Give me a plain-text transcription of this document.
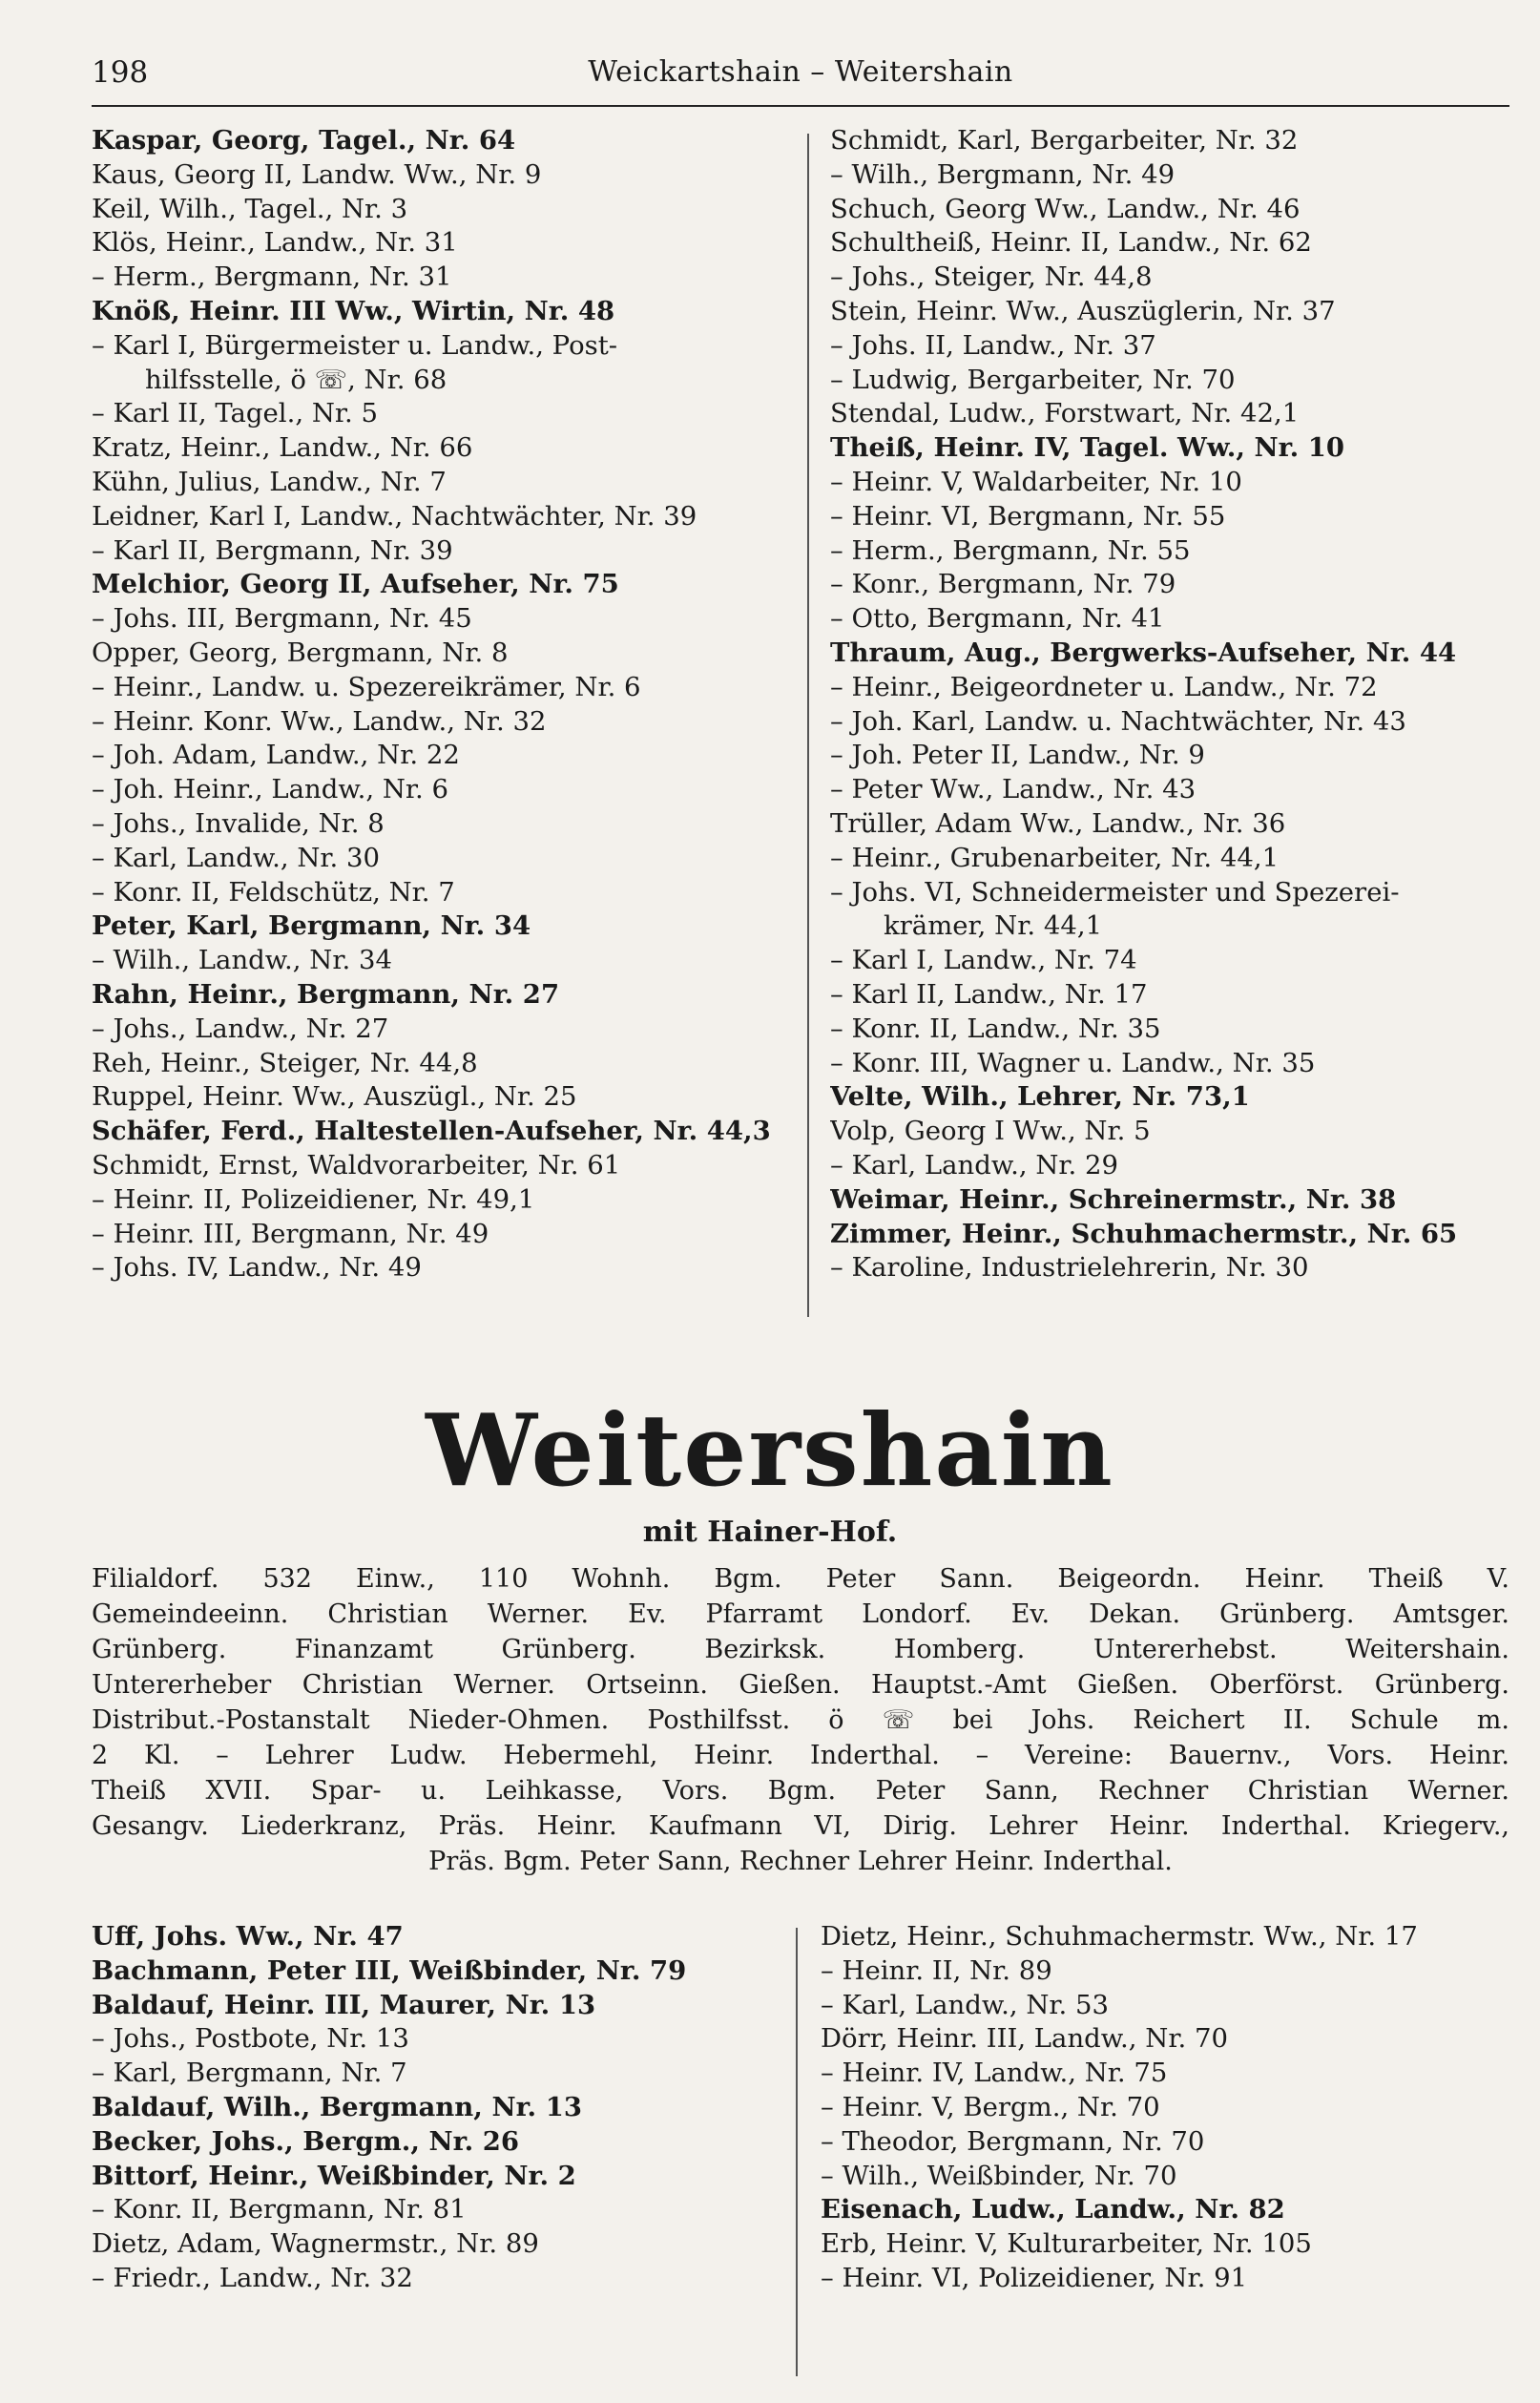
198	Weickartshain – Weitershain
Kaspar, Georg, Tagel., Nr. 64
Kaus, Georg II, Landw. Ww., Nr. 9
Keil, Wilh., Tagel., Nr. 3
Klös, Heinr., Landw., Nr. 31
– Herm., Bergmann, Nr. 31
Knöß, Heinr. III Ww., Wirtin, Nr. 48
– Karl I, Bürgermeister u. Landw., Post-
hilfsstelle, ö ☏, Nr. 68
– Karl II, Tagel., Nr. 5
Kratz, Heinr., Landw., Nr. 66
Kühn, Julius, Landw., Nr. 7
Leidner, Karl I, Landw., Nachtwächter, Nr. 39
– Karl II, Bergmann, Nr. 39
Melchior, Georg II, Aufseher, Nr. 75
– Johs. III, Bergmann, Nr. 45
Opper, Georg, Bergmann, Nr. 8
– Heinr., Landw. u. Spezereikrämer, Nr. 6
– Heinr. Konr. Ww., Landw., Nr. 32
– Joh. Adam, Landw., Nr. 22
– Joh. Heinr., Landw., Nr. 6
– Johs., Invalide, Nr. 8
– Karl, Landw., Nr. 30
– Konr. II, Feldschütz, Nr. 7
Peter, Karl, Bergmann, Nr. 34
– Wilh., Landw., Nr. 34
Rahn, Heinr., Bergmann, Nr. 27
– Johs., Landw., Nr. 27
Reh, Heinr., Steiger, Nr. 44,8
Ruppel, Heinr. Ww., Auszügl., Nr. 25
Schäfer, Ferd., Haltestellen-Aufseher, Nr. 44,3
Schmidt, Ernst, Waldvorarbeiter, Nr. 61
– Heinr. II, Polizeidiener, Nr. 49,1
– Heinr. III, Bergmann, Nr. 49
– Johs. IV, Landw., Nr. 49
Schmidt, Karl, Bergarbeiter, Nr. 32
– Wilh., Bergmann, Nr. 49
Schuch, Georg Ww., Landw., Nr. 46
Schultheiß, Heinr. II, Landw., Nr. 62
– Johs., Steiger, Nr. 44,8
Stein, Heinr. Ww., Auszüglerin, Nr. 37
– Johs. II, Landw., Nr. 37
– Ludwig, Bergarbeiter, Nr. 70
Stendal, Ludw., Forstwart, Nr. 42,1
Theiß, Heinr. IV, Tagel. Ww., Nr. 10
– Heinr. V, Waldarbeiter, Nr. 10
– Heinr. VI, Bergmann, Nr. 55
– Herm., Bergmann, Nr. 55
– Konr., Bergmann, Nr. 79
– Otto, Bergmann, Nr. 41
Thraum, Aug., Bergwerks-Aufseher, Nr. 44
– Heinr., Beigeordneter u. Landw., Nr. 72
– Joh. Karl, Landw. u. Nachtwächter, Nr. 43
– Joh. Peter II, Landw., Nr. 9
– Peter Ww., Landw., Nr. 43
Trüller, Adam Ww., Landw., Nr. 36
– Heinr., Grubenarbeiter, Nr. 44,1
– Johs. VI, Schneidermeister und Spezerei-
krämer, Nr. 44,1
– Karl I, Landw., Nr. 74
– Karl II, Landw., Nr. 17
– Konr. II, Landw., Nr. 35
– Konr. III, Wagner u. Landw., Nr. 35
Velte, Wilh., Lehrer, Nr. 73,1
Volp, Georg I Ww., Nr. 5
– Karl, Landw., Nr. 29
Weimar, Heinr., Schreinermstr., Nr. 38
Zimmer, Heinr., Schuhmachermstr., Nr. 65
– Karoline, Industrielehrerin, Nr. 30
Weitershain
mit Hainer-Hof.
Filialdorf. 532 Einw., 110 Wohnh. Bgm. Peter Sann. Beigeordn. Heinr. Theiß V.
Gemeindeeinn. Christian Werner. Ev. Pfarramt Londorf. Ev. Dekan. Grünberg. Amtsger.
Grünberg. Finanzamt Grünberg. Bezirksk. Homberg. Untererhebst. Weitershain.
Untererheber Christian Werner. Ortseinn. Gießen. Hauptst.-Amt Gießen. Oberförst. Grünberg.
Distribut.-Postanstalt Nieder-Ohmen. Posthilfsst. ö ☏ bei Johs. Reichert II. Schule m.
2 Kl. – Lehrer Ludw. Hebermehl, Heinr. Inderthal. – Vereine: Bauernv., Vors. Heinr.
Theiß XVII. Spar- u. Leihkasse, Vors. Bgm. Peter Sann, Rechner Christian Werner.
Gesangv. Liederkranz, Präs. Heinr. Kaufmann VI, Dirig. Lehrer Heinr. Inderthal. Kriegerv.,
Präs. Bgm. Peter Sann, Rechner Lehrer Heinr. Inderthal.
Uff, Johs. Ww., Nr. 47
Bachmann, Peter III, Weißbinder, Nr. 79
Baldauf, Heinr. III, Maurer, Nr. 13
– Johs., Postbote, Nr. 13
– Karl, Bergmann, Nr. 7
Baldauf, Wilh., Bergmann, Nr. 13
Becker, Johs., Bergm., Nr. 26
Bittorf, Heinr., Weißbinder, Nr. 2
– Konr. II, Bergmann, Nr. 81
Dietz, Adam, Wagnermstr., Nr. 89
– Friedr., Landw., Nr. 32
Dietz, Heinr., Schuhmachermstr. Ww., Nr. 17
– Heinr. II, Nr. 89
– Karl, Landw., Nr. 53
Dörr, Heinr. III, Landw., Nr. 70
– Heinr. IV, Landw., Nr. 75
– Heinr. V, Bergm., Nr. 70
– Theodor, Bergmann, Nr. 70
– Wilh., Weißbinder, Nr. 70
Eisenach, Ludw., Landw., Nr. 82
Erb, Heinr. V, Kulturarbeiter, Nr. 105
– Heinr. VI, Polizeidiener, Nr. 91
